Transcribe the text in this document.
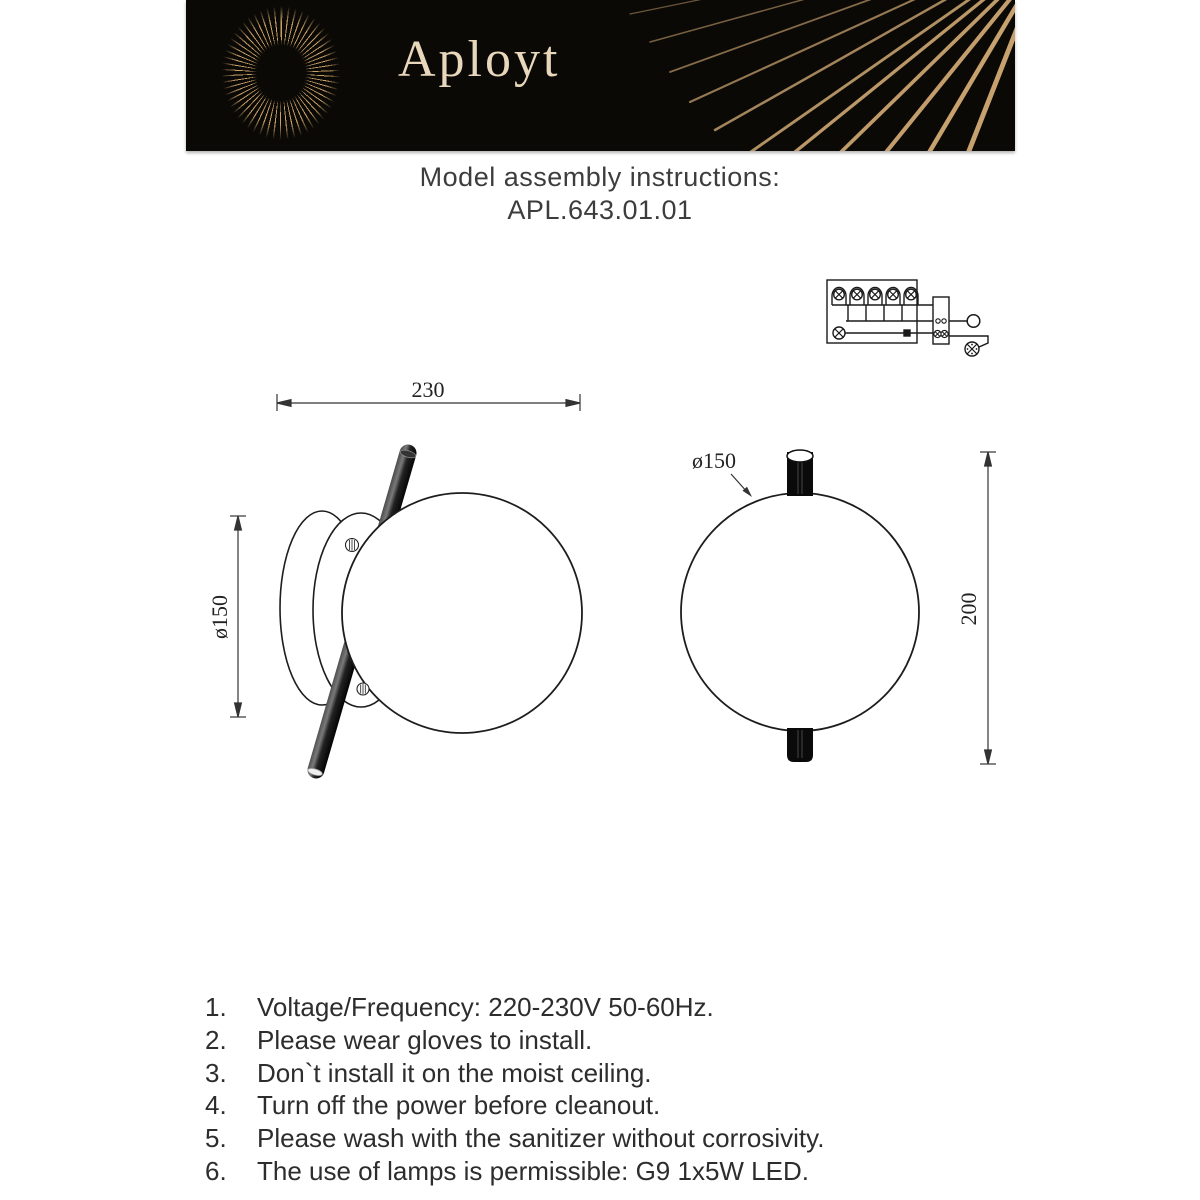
Aployt
Model assembly instructions:
APL.643.01.01
230
ø150
ø150
200
1.	Voltage/Frequency: 220-230V 50-60Hz.
2.	Please wear gloves to install.
3.	Don`t install it on the moist ceiling.
4.	Turn off the power before cleanout.
5.	Please wash with the sanitizer without corrosivity.
6.	The use of lamps is permissible: G9 1x5W LED.
